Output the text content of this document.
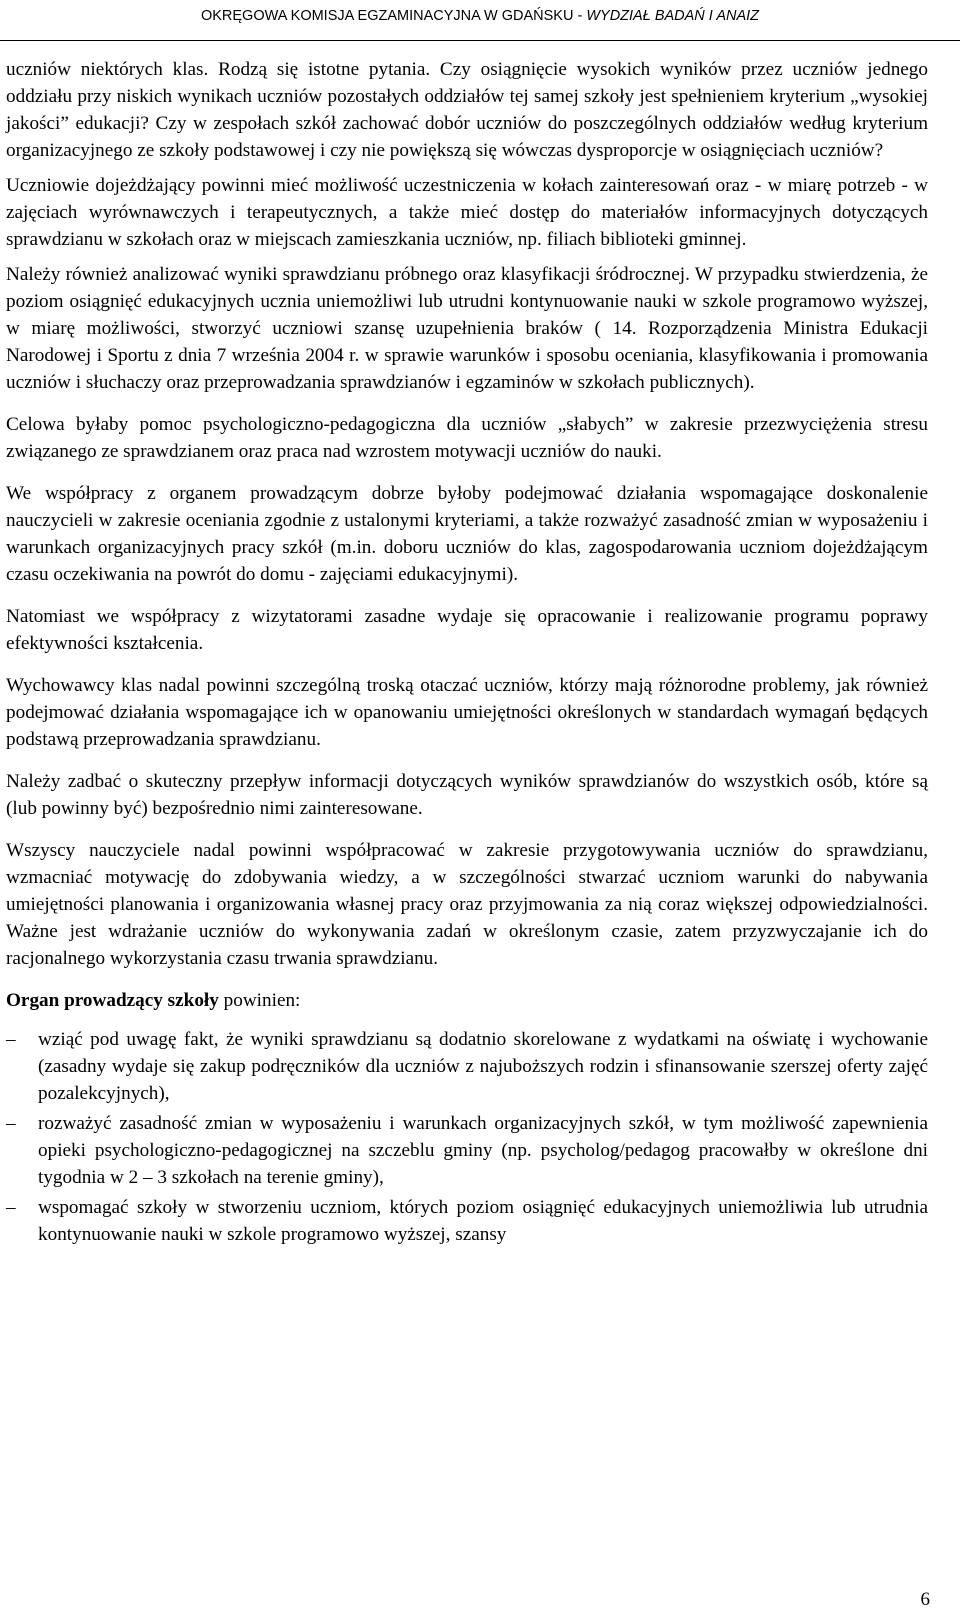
OKRĘGOWA KOMISJA EGZAMINACYJNA W GDAŃSKU - WYDZIAŁ BADAŃ I ANAIZ

uczniów niektórych klas. Rodzą się istotne pytania. Czy osiągnięcie wysokich wyników przez uczniów jednego oddziału przy niskich wynikach uczniów pozostałych oddziałów tej samej szkoły jest spełnieniem kryterium „wysokiej jakości” edukacji? Czy w zespołach szkół zachować dobór uczniów do poszczególnych oddziałów według kryterium organizacyjnego ze szkoły podstawowej i czy nie powiększą się wówczas dysproporcje w osiągnięciach uczniów?

Uczniowie dojeżdżający powinni mieć możliwość uczestniczenia w kołach zainteresowań oraz - w miarę potrzeb - w zajęciach wyrównawczych i terapeutycznych, a także mieć dostęp do materiałów informacyjnych dotyczących sprawdzianu w szkołach oraz w miejscach zamieszkania uczniów, np. filiach biblioteki gminnej.

Należy również analizować wyniki sprawdzianu próbnego oraz klasyfikacji śródrocznej. W przypadku stwierdzenia, że poziom osiągnięć edukacyjnych ucznia uniemożliwi lub utrudni kontynuowanie nauki w szkole programowo wyższej, w miarę możliwości, stworzyć uczniowi szansę uzupełnienia braków ( 14. Rozporządzenia Ministra Edukacji Narodowej i Sportu z dnia 7 września 2004 r. w sprawie warunków i sposobu oceniania, klasyfikowania i promowania uczniów i słuchaczy oraz przeprowadzania sprawdzianów i egzaminów w szkołach publicznych).

Celowa byłaby pomoc psychologiczno-pedagogiczna dla uczniów „słabych” w zakresie przezwyciężenia stresu związanego ze sprawdzianem oraz praca nad wzrostem motywacji uczniów do nauki.

We współpracy z organem prowadzącym dobrze byłoby podejmować działania wspomagające doskonalenie nauczycieli w zakresie oceniania zgodnie z ustalonymi kryteriami, a także rozważyć zasadność zmian w wyposażeniu i warunkach organizacyjnych pracy szkół (m.in. doboru uczniów do klas, zagospodarowania uczniom dojeżdżającym czasu oczekiwania na powrót do domu - zajęciami edukacyjnymi).

Natomiast we współpracy z wizytatorami zasadne wydaje się opracowanie i realizowanie programu poprawy efektywności kształcenia.

Wychowawcy klas nadal powinni szczególną troską otaczać uczniów, którzy mają różnorodne problemy, jak również podejmować działania wspomagające ich w opanowaniu umiejętności określonych w standardach wymagań będących podstawą przeprowadzania sprawdzianu.

Należy zadbać o skuteczny przepływ informacji dotyczących wyników sprawdzianów do wszystkich osób, które są (lub powinny być) bezpośrednio nimi zainteresowane.

Wszyscy nauczyciele nadal powinni współpracować w zakresie przygotowywania uczniów do sprawdzianu, wzmacniać motywację do zdobywania wiedzy, a w szczególności stwarzać uczniom warunki do nabywania umiejętności planowania i organizowania własnej pracy oraz przyjmowania za nią coraz większej odpowiedzialności. Ważne jest wdrażanie uczniów do wykonywania zadań w określonym czasie, zatem przyzwyczajanie ich do racjonalnego wykorzystania czasu trwania sprawdzianu.

Organ prowadzący szkoły powinien:

–	wziąć pod uwagę fakt, że wyniki sprawdzianu są dodatnio skorelowane z wydatkami na oświatę i wychowanie (zasadny wydaje się zakup podręczników dla uczniów z najuboższych rodzin i sfinansowanie szerszej oferty zajęć pozalekcyjnych),
–	rozważyć zasadność zmian w wyposażeniu i warunkach organizacyjnych szkół, w tym możliwość zapewnienia opieki psychologiczno-pedagogicznej na szczeblu gminy (np. psycholog/pedagog pracowałby w określone dni tygodnia w 2 – 3 szkołach na terenie gminy),
–	wspomagać szkoły w stworzeniu uczniom, których poziom osiągnięć edukacyjnych uniemożliwia lub utrudnia kontynuowanie nauki w szkole programowo wyższej, szansy
6
